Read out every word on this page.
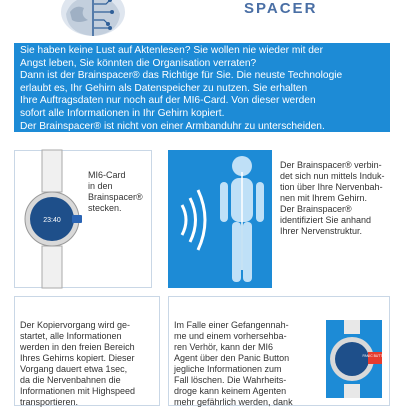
SPACER

Sie haben keine Lust auf Aktenlesen? Sie wollen nie wieder mit der

Angst leben, Sie könnten die Organisation verraten?

Dann ist der Brainspacer® das Richtige für Sie. Die neuste Technologie

erlaubt es, Ihr Gehirn als Datenspeicher zu nutzen. Sie erhalten

Ihre Auftragsdaten nur noch auf der MI6-Card. Von dieser werden

sofort alle Informationen in Ihr Gehirn kopiert.

Der Brainspacer® ist nicht von einer Armbanduhr zu unterscheiden.

23:40
MI6-Card
in den
Brainspacer®
stecken.
Der Brainspacer® verbin-
det sich nun mittels Induk-
tion über Ihre Nervenbah-
nen mit Ihrem Gehirn.
Der Brainspacer®
identifiziert Sie anhand
Ihrer Nervenstruktur.
Der Kopiervorgang wird ge-
startet, alle Informationen
werden in den freien Bereich
Ihres Gehirns kopiert. Dieser
Vorgang dauert etwa 1sec,
da die Nervenbahnen die
Informationen mit Highspeed
transportieren.
Im Falle einer Gefangennah-
me und einem vorhersehba-
ren Verhör, kann der MI6
Agent über den Panic Button
jegliche Informationen zum
Fall löschen. Die Wahrheits-
droge kann keinem Agenten
mehr gefährlich werden, dank
PANIC BUTTON
